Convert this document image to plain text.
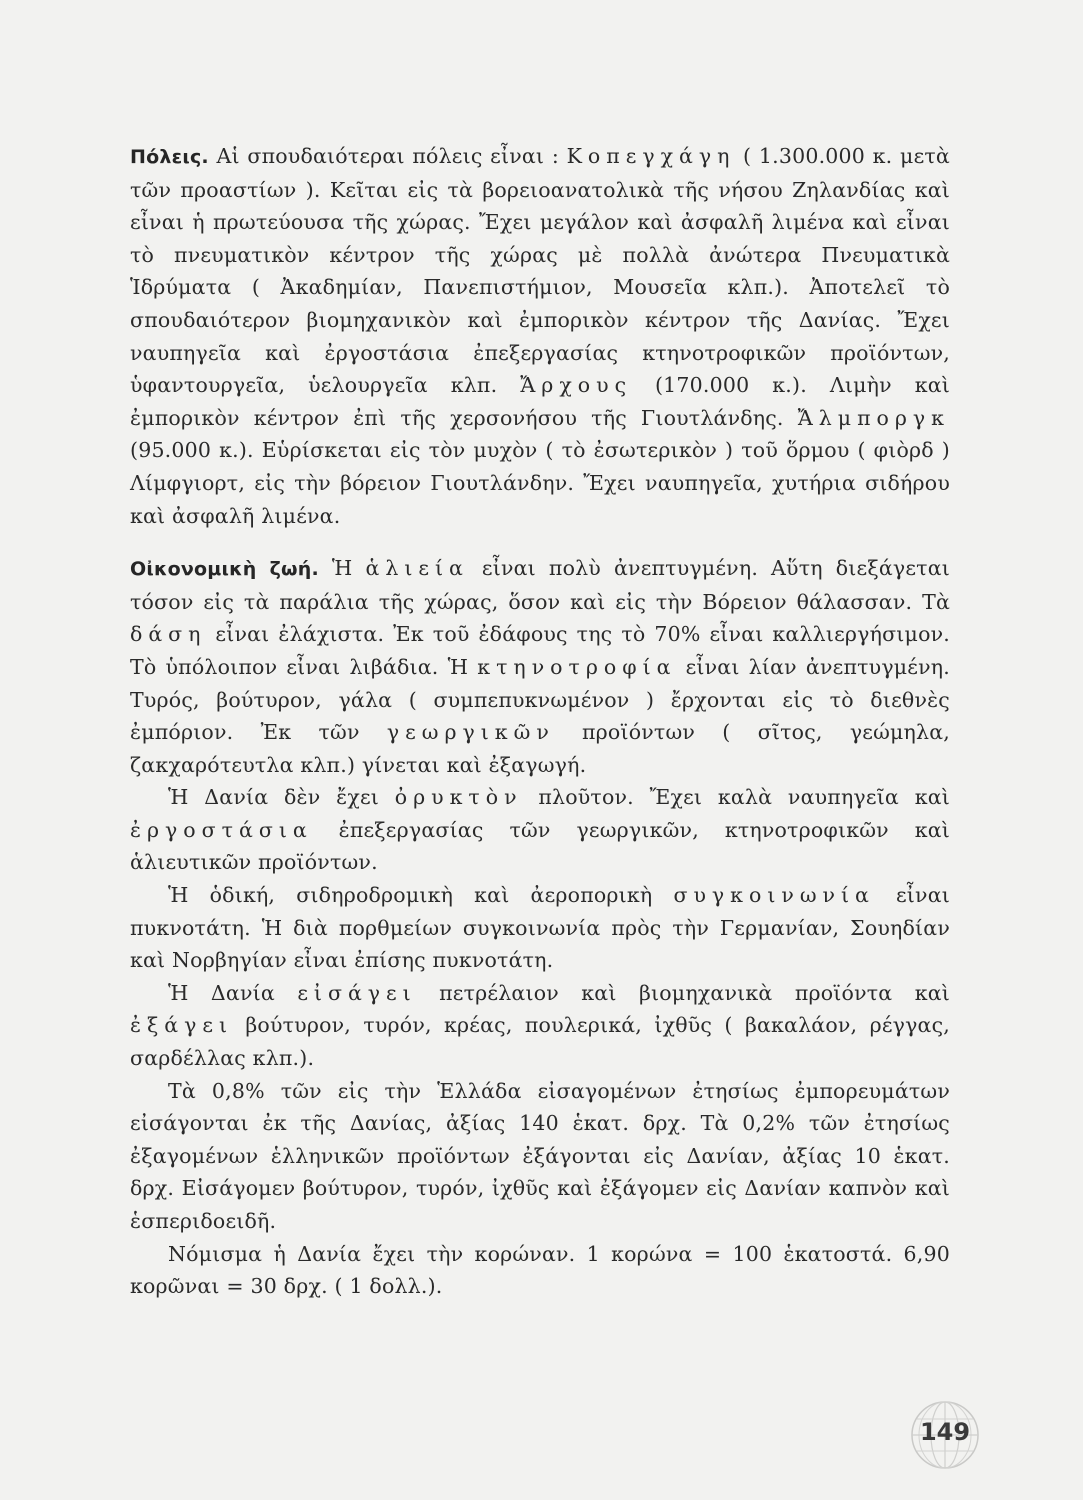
Πόλεις. Αἱ σπουδαιότεραι πόλεις εἶναι : Κοπεγχάγη ( 1.300.000 κ. μετὰ τῶν προαστίων ). Κεῖται εἰς τὰ βορειοανατολικὰ τῆς νήσου Ζηλανδίας καὶ εἶναι ἡ πρωτεύουσα τῆς χώρας. Ἔχει μεγάλον καὶ ἀσφαλῆ λιμένα καὶ εἶναι τὸ πνευματικὸν κέντρον τῆς χώρας μὲ πολλὰ ἀνώτερα Πνευματικὰ Ἱδρύματα ( Ἀκαδημίαν, Πανεπιστήμιον, Μουσεῖα κλπ.). Ἀποτελεῖ τὸ σπουδαιότερον βιομηχανικὸν καὶ ἐμπορικὸν κέντρον τῆς Δανίας. Ἔχει ναυπηγεῖα καὶ ἐργοστάσια ἐπεξεργασίας κτηνοτροφικῶν προϊόντων, ὑφαντουργεῖα, ὑελουργεῖα κλπ. Ἄρχους (170.000 κ.). Λιμὴν καὶ ἐμπορικὸν κέντρον ἐπὶ τῆς χερσονήσου τῆς Γιουτλάνδης. Ἄλμποργκ (95.000 κ.). Εὑρίσκεται εἰς τὸν μυχὸν ( τὸ ἐσωτερικὸν ) τοῦ ὅρμου ( φιὸρδ ) Λίμφγιορτ, εἰς τὴν βόρειον Γιουτλάνδην. Ἔχει ναυπηγεῖα, χυτήρια σιδήρου καὶ ἀσφαλῆ λιμένα.

Οἰκονομικὴ ζωή. Ἡ ἁλιεία εἶναι πολὺ ἀνεπτυγμένη. Αὕτη διεξάγεται τόσον εἰς τὰ παράλια τῆς χώρας, ὅσον καὶ εἰς τὴν Βόρειον θάλασσαν. Τὰ δάση εἶναι ἐλάχιστα. Ἐκ τοῦ ἐδάφους της τὸ 70% εἶναι καλλιεργήσιμον. Τὸ ὑπόλοιπον εἶναι λιβάδια. Ἡ κτηνοτροφία εἶναι λίαν ἀνεπτυγμένη. Τυρός, βούτυρον, γάλα ( συμπεπυκνωμένον ) ἔρχονται εἰς τὸ διεθνὲς ἐμπόριον. Ἐκ τῶν γεωργικῶν προϊόντων ( σῖτος, γεώμηλα, ζακχαρότευτλα κλπ.) γίνεται καὶ ἐξαγωγή.

Ἡ Δανία δὲν ἔχει ὀρυκτὸν πλοῦτον. Ἔχει καλὰ ναυπηγεῖα καὶ ἐργοστάσια ἐπεξεργασίας τῶν γεωργικῶν, κτηνοτροφικῶν καὶ ἁλιευτικῶν προϊόντων.

Ἡ ὁδική, σιδηροδρομικὴ καὶ ἀεροπορικὴ συγκοινωνία εἶναι πυκνοτάτη. Ἡ διὰ πορθμείων συγκοινωνία πρὸς τὴν Γερμανίαν, Σουηδίαν καὶ Νορβηγίαν εἶναι ἐπίσης πυκνοτάτη.

Ἡ Δανία εἰσάγει πετρέλαιον καὶ βιομηχανικὰ προϊόντα καὶ ἐξάγει βούτυρον, τυρόν, κρέας, πουλερικά, ἰχθῦς ( βακαλάον, ρέγγας, σαρδέλλας κλπ.).

Τὰ 0,8% τῶν εἰς τὴν Ἑλλάδα εἰσαγομένων ἐτησίως ἐμπορευμάτων εἰσάγονται ἐκ τῆς Δανίας, ἀξίας 140 ἑκατ. δρχ. Τὰ 0,2% τῶν ἐτησίως ἐξαγομένων ἑλληνικῶν προϊόντων ἐξάγονται εἰς Δανίαν, ἀξίας 10 ἑκατ. δρχ. Εἰσάγομεν βούτυρον, τυρόν, ἰχθῦς καὶ ἐξάγομεν εἰς Δανίαν καπνὸν καὶ ἑσπεριδοειδῆ.

Νόμισμα ἡ Δανία ἔχει τὴν κορώναν. 1 κορώνα = 100 ἑκατοστά. 6,90 κορῶναι = 30 δρχ. ( 1 δολλ.).

149
